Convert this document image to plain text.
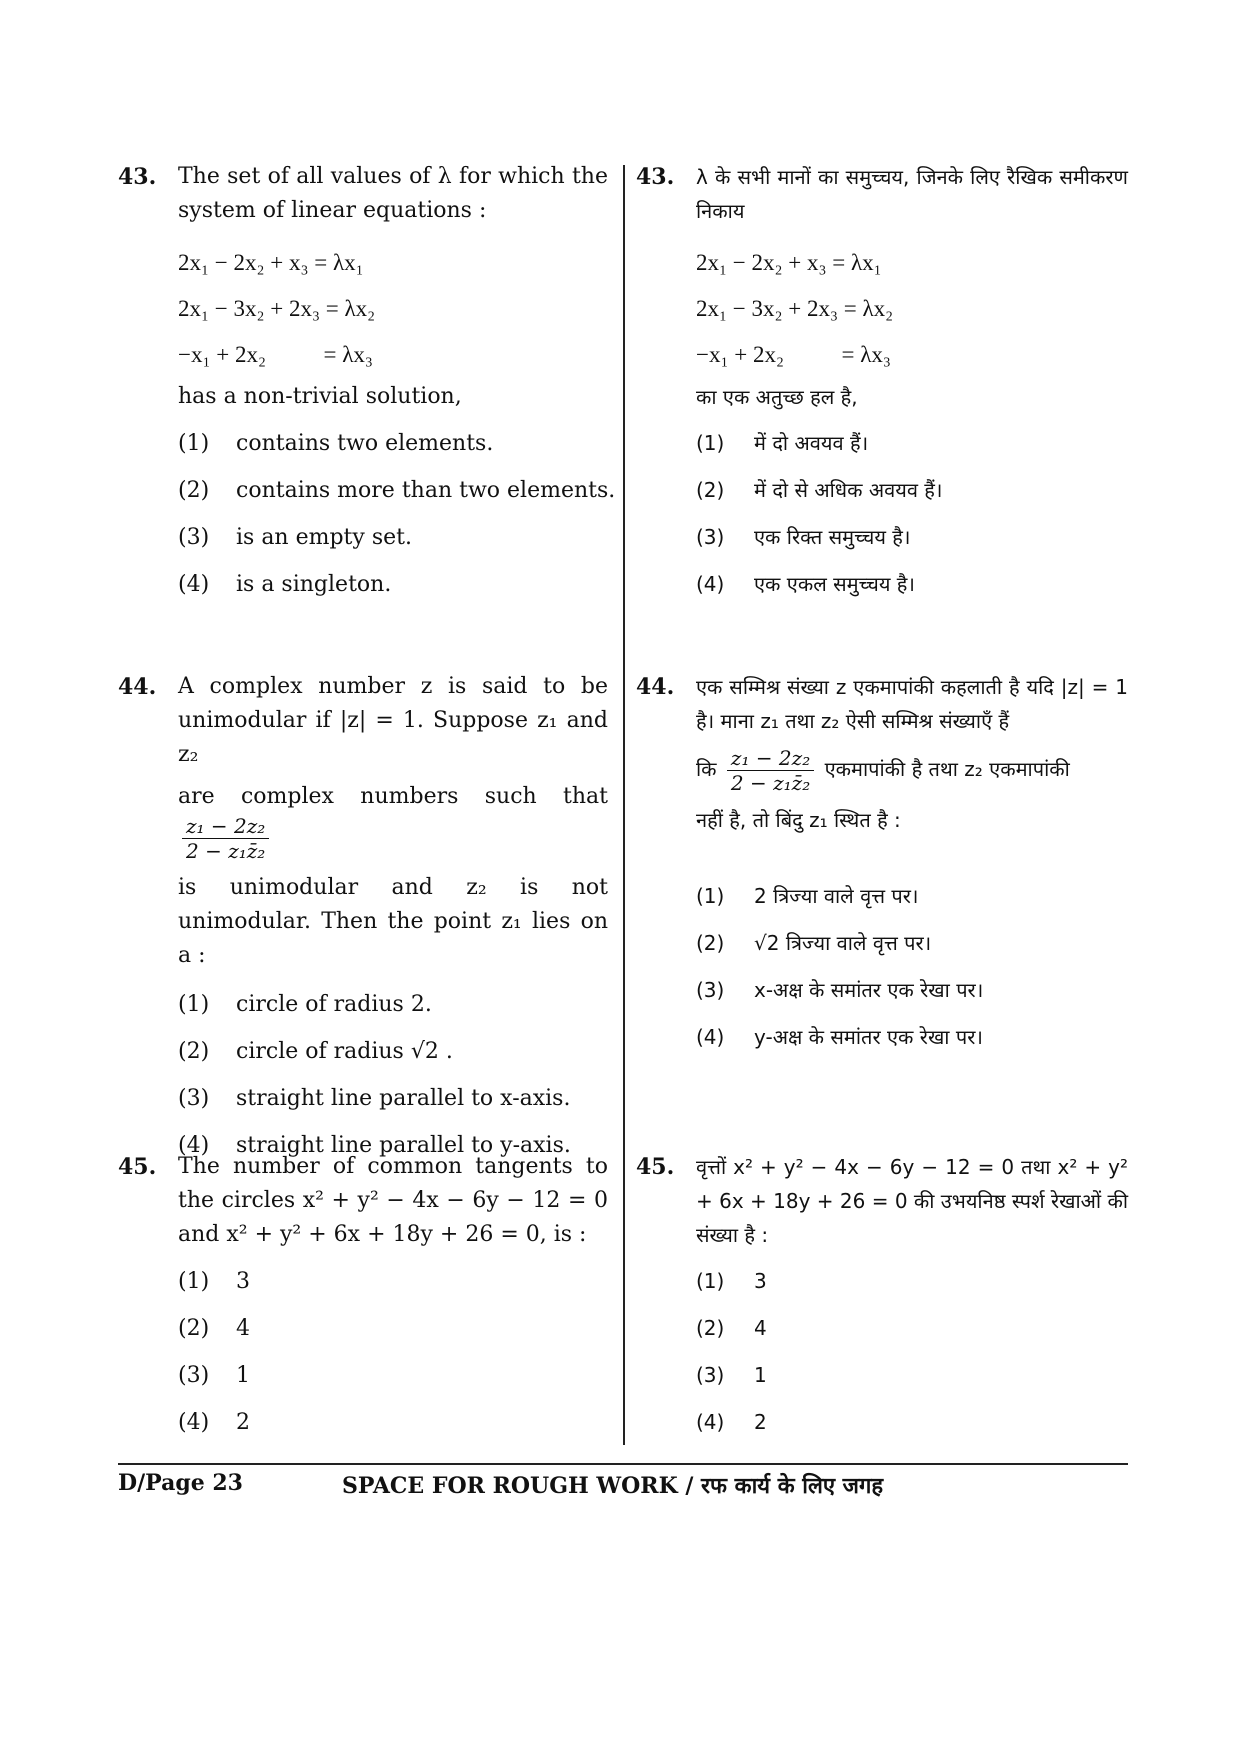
43. The set of all values of λ for which the system of linear equations :
2x₁ − 2x₂ + x₃ = λx₁
2x₁ − 3x₂ + 2x₃ = λx₂
−x₁ + 2x₂          = λx₃
has a non-trivial solution,
(1) contains two elements.
(2) contains more than two elements.
(3) is an empty set.
(4) is a singleton.
44. A complex number z is said to be unimodular if |z| = 1. Suppose z₁ and z₂
are complex numbers such that
$\frac{\text{z₁ − 2z₂}}{\text{2 − z₁z̄₂}}$
is unimodular and z₂ is not unimodular. Then the point z₁ lies on a :
(1) circle of radius 2.
(2) circle of radius √2 .
(3) straight line parallel to x-axis.
(4) straight line parallel to y-axis.
45. The number of common tangents to the circles x² + y² − 4x − 6y − 12 = 0 and x² + y² + 6x + 18y + 26 = 0, is :
(1) 3
(2) 4
(3) 1
(4) 2
43. λ के सभी मानों का समुच्चय, जिनके लिए रैखिक समीकरण निकाय
2x₁ − 2x₂ + x₃ = λx₁
2x₁ − 3x₂ + 2x₃ = λx₂
−x₁ + 2x₂          = λx₃
का एक अतुच्छ हल है,
(1) में दो अवयव हैं।
(2) में दो से अधिक अवयव हैं।
(3) एक रिक्त समुच्चय है।
(4) एक एकल समुच्चय है।
44. एक सम्मिश्र संख्या z एकमापांकी कहलाती है यदि |z| = 1 है। माना z₁ तथा z₂ ऐसी सम्मिश्र संख्याएँ हैं
कि $\frac{\text{z₁ − 2z₂}}{\text{2 − z₁z̄₂}}$ एकमापांकी है तथा z₂ एकमापांकी
नहीं है, तो बिंदु z₁ स्थित है :
(1) 2 त्रिज्या वाले वृत्त पर।
(2) √2 त्रिज्या वाले वृत्त पर।
(3) x-अक्ष के समांतर एक रेखा पर।
(4) y-अक्ष के समांतर एक रेखा पर।
45. वृत्तों x² + y² − 4x − 6y − 12 = 0 तथा x² + y² + 6x + 18y + 26 = 0 की उभयनिष्ठ स्पर्श रेखाओं की संख्या है :
(1) 3
(2) 4
(3) 1
(4) 2
D/Page 23	SPACE FOR ROUGH WORK / रफ कार्य के लिए जगह
